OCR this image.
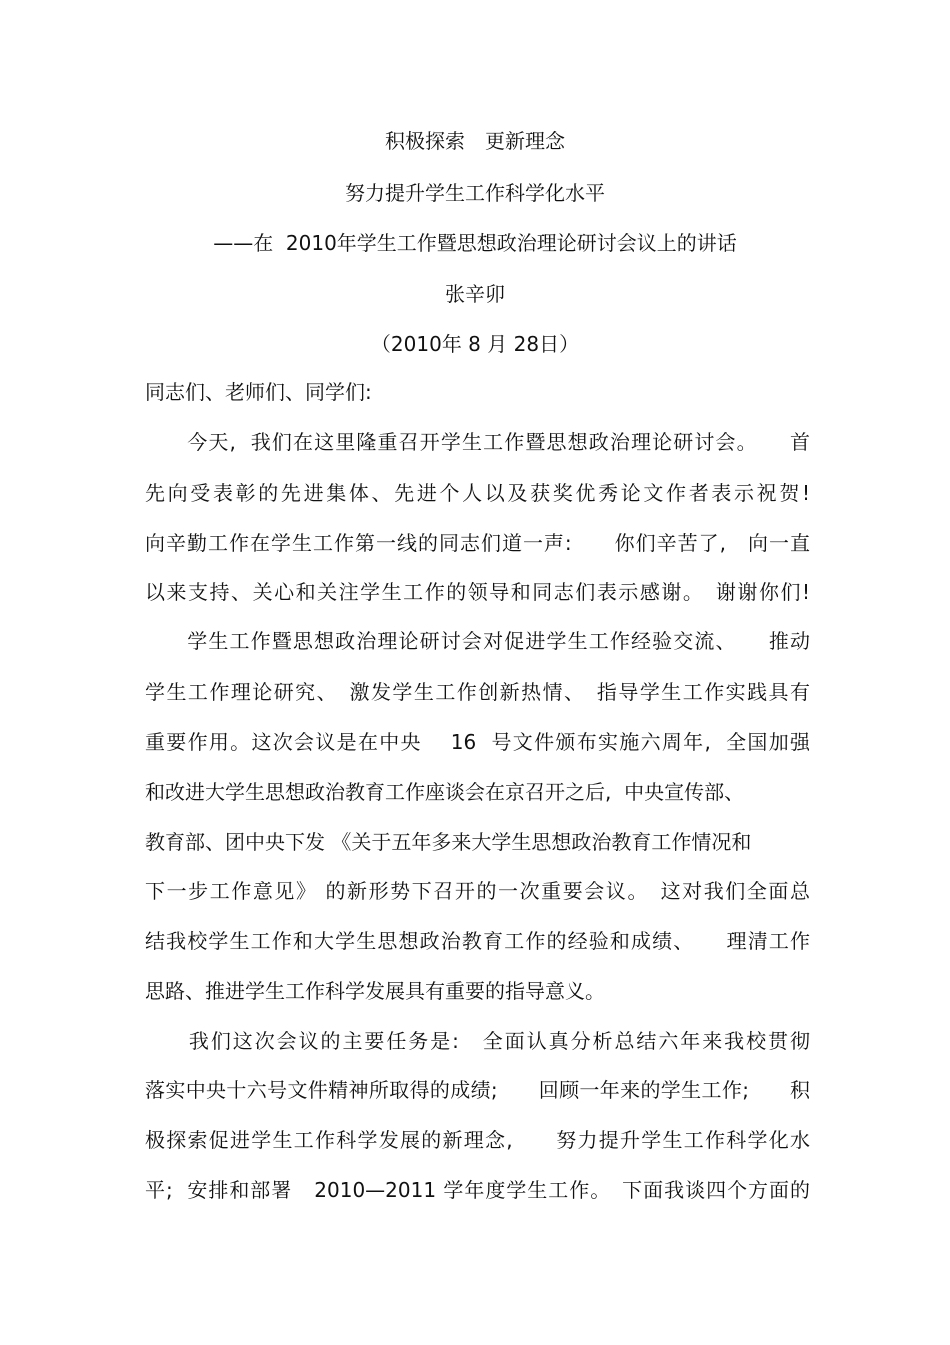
积极探索　更新理念
努力提升学生工作科学化水平

——在  2010年学生工作暨思想政治理论研讨会议上的讲话

张辛卯

（2010年 8 月 28日）

同志们、老师们、同学们:

　　今天,  我们在这里隆重召开学生工作暨思想政治理论研讨会。　　首

先向受表彰的先进集体、先进个人以及获奖优秀论文作者表示祝贺!

向辛勤工作在学生工作第一线的同志们道一声:　　你们辛苦了,　向一直

以来支持、关心和关注学生工作的领导和同志们表示感谢。　谢谢你们!

　　学生工作暨思想政治理论研讨会对促进学生工作经验交流、　　推动

学生工作理论研究、　激发学生工作创新热情、　指导学生工作实践具有

重要作用。这次会议是在中央　 16  号文件颁布实施六周年,  全国加强

和改进大学生思想政治教育工作座谈会在京召开之后,  中央宣传部、

教育部、团中央下发 《关于五年多来大学生思想政治教育工作情况和

下一步工作意见》 的新形势下召开的一次重要会议。　这对我们全面总

结我校学生工作和大学生思想政治教育工作的经验和成绩、　　理清工作

思路、推进学生工作科学发展具有重要的指导意义。

　　我们这次会议的主要任务是:　全面认真分析总结六年来我校贯彻

落实中央十六号文件精神所取得的成绩;　　回顾一年来的学生工作;　　积

极探索促进学生工作科学发展的新理念,　　努力提升学生工作科学化水

平;  安排和部署   2010—2011 学年度学生工作。　下面我谈四个方面的
